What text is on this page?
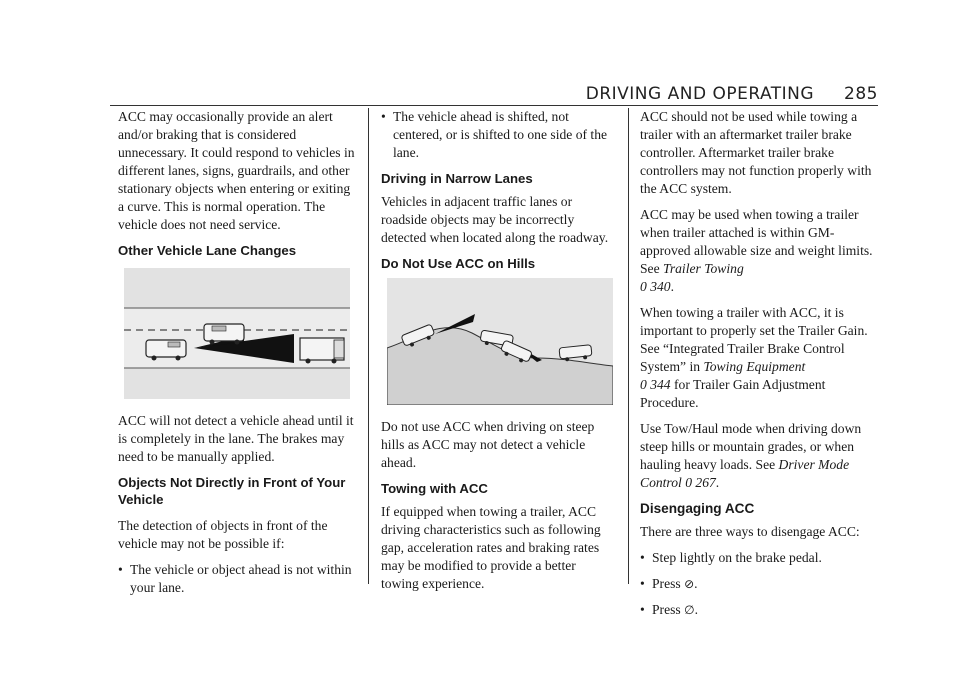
DRIVING AND OPERATING 285

ACC may occasionally provide an alert and/or braking that is considered unnecessary. It could respond to vehicles in different lanes, signs, guardrails, and other stationary objects when entering or exiting a curve. This is normal operation. The vehicle does not need service.

Other Vehicle Lane Changes

ACC will not detect a vehicle ahead until it is completely in the lane. The brakes may need to be manually applied.

Objects Not Directly in Front of Your Vehicle

The detection of objects in front of the vehicle may not be possible if:

•
The vehicle or object ahead is not within your lane.
•
The vehicle ahead is shifted, not centered, or is shifted to one side of the lane.
Driving in Narrow Lanes

Vehicles in adjacent traffic lanes or roadside objects may be incorrectly detected when located along the roadway.

Do Not Use ACC on Hills

Do not use ACC when driving on steep hills as ACC may not detect a vehicle ahead.

Towing with ACC

If equipped when towing a trailer, ACC driving characteristics such as following gap, acceleration rates and braking rates may be modified to provide a better towing experience.

ACC should not be used while towing a trailer with an aftermarket trailer brake controller. Aftermarket trailer brake controllers may not function properly with the ACC system.

ACC may be used when towing a trailer when trailer attached is within GM-approved allowable size and weight limits. See Trailer Towing
0 340.

When towing a trailer with ACC, it is important to properly set the Trailer Gain. See “Integrated Trailer Brake Control System” in Towing Equipment
0 344 for Trailer Gain Adjustment Procedure.

Use Tow/Haul mode when driving down steep hills or mountain grades, or when hauling heavy loads. See Driver Mode Control 0 267.

Disengaging ACC

There are three ways to disengage ACC:

•
Step lightly on the brake pedal.
•
Press ⊘.
•
Press ∅.
